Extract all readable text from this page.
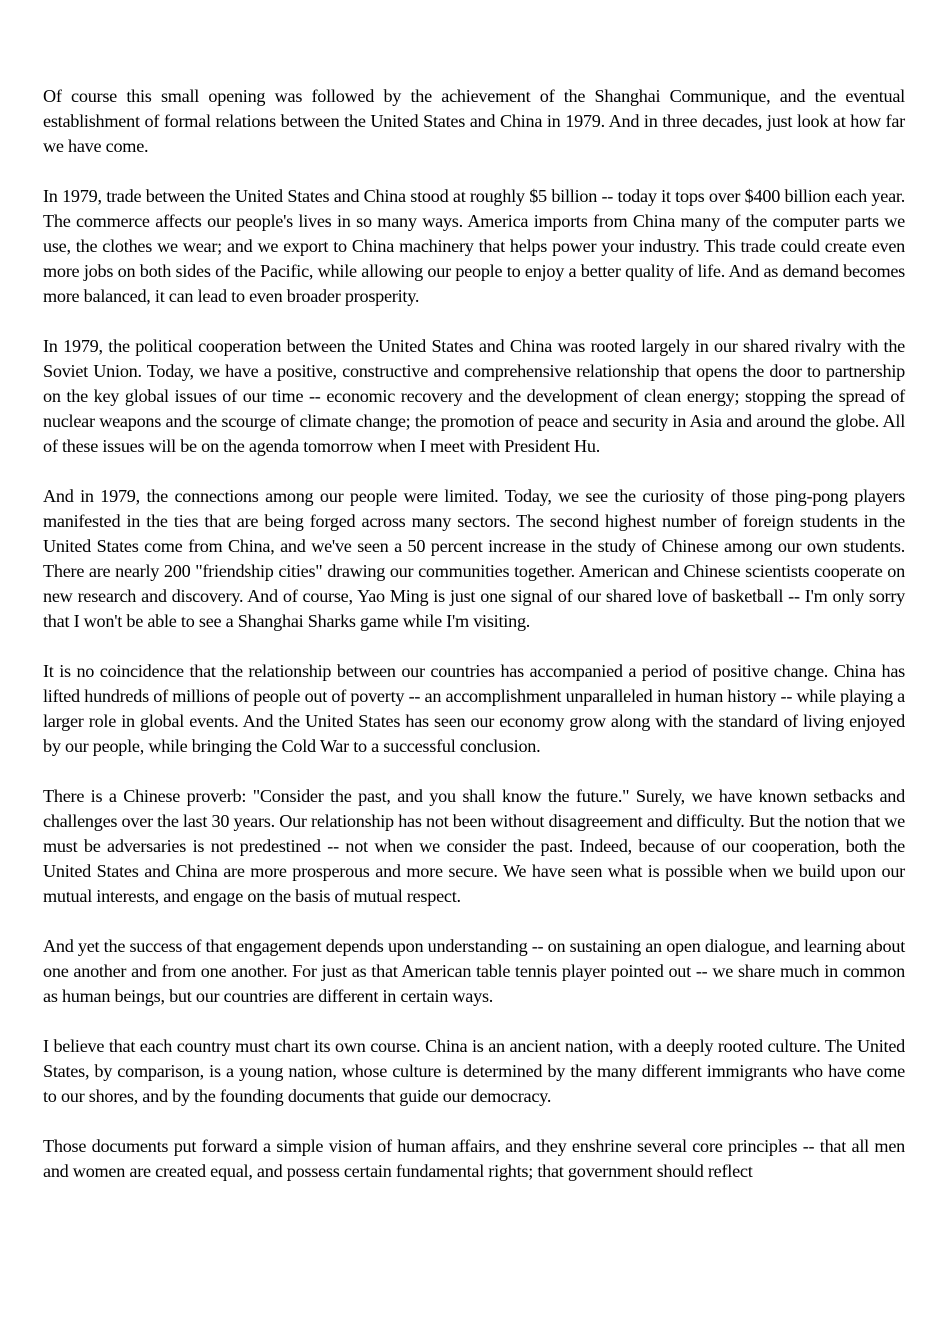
Of course this small opening was followed by the achievement of the Shanghai Communique, and the eventual establishment of formal relations between the United States and China in 1979. And in three decades, just look at how far we have come.

In 1979, trade between the United States and China stood at roughly $5 billion -- today it tops over $400 billion each year. The commerce affects our people's lives in so many ways. America imports from China many of the computer parts we use, the clothes we wear; and we export to China machinery that helps power your industry. This trade could create even more jobs on both sides of the Pacific, while allowing our people to enjoy a better quality of life. And as demand becomes more balanced, it can lead to even broader prosperity.

In 1979, the political cooperation between the United States and China was rooted largely in our shared rivalry with the Soviet Union. Today, we have a positive, constructive and comprehensive relationship that opens the door to partnership on the key global issues of our time -- economic recovery and the development of clean energy; stopping the spread of nuclear weapons and the scourge of climate change; the promotion of peace and security in Asia and around the globe. All of these issues will be on the agenda tomorrow when I meet with President Hu.

And in 1979, the connections among our people were limited. Today, we see the curiosity of those ping-pong players manifested in the ties that are being forged across many sectors. The second highest number of foreign students in the United States come from China, and we've seen a 50 percent increase in the study of Chinese among our own students. There are nearly 200 "friendship cities" drawing our communities together. American and Chinese scientists cooperate on new research and discovery. And of course, Yao Ming is just one signal of our shared love of basketball -- I'm only sorry that I won't be able to see a Shanghai Sharks game while I'm visiting.

It is no coincidence that the relationship between our countries has accompanied a period of positive change. China has lifted hundreds of millions of people out of poverty -- an accomplishment unparalleled in human history -- while playing a larger role in global events. And the United States has seen our economy grow along with the standard of living enjoyed by our people, while bringing the Cold War to a successful conclusion.

There is a Chinese proverb: "Consider the past, and you shall know the future." Surely, we have known setbacks and challenges over the last 30 years. Our relationship has not been without disagreement and difficulty. But the notion that we must be adversaries is not predestined -- not when we consider the past. Indeed, because of our cooperation, both the United States and China are more prosperous and more secure. We have seen what is possible when we build upon our mutual interests, and engage on the basis of mutual respect.

And yet the success of that engagement depends upon understanding -- on sustaining an open dialogue, and learning about one another and from one another. For just as that American table tennis player pointed out -- we share much in common as human beings, but our countries are different in certain ways.

I believe that each country must chart its own course. China is an ancient nation, with a deeply rooted culture. The United States, by comparison, is a young nation, whose culture is determined by the many different immigrants who have come to our shores, and by the founding documents that guide our democracy.

Those documents put forward a simple vision of human affairs, and they enshrine several core principles -- that all men and women are created equal, and possess certain fundamental rights; that government should reflect
